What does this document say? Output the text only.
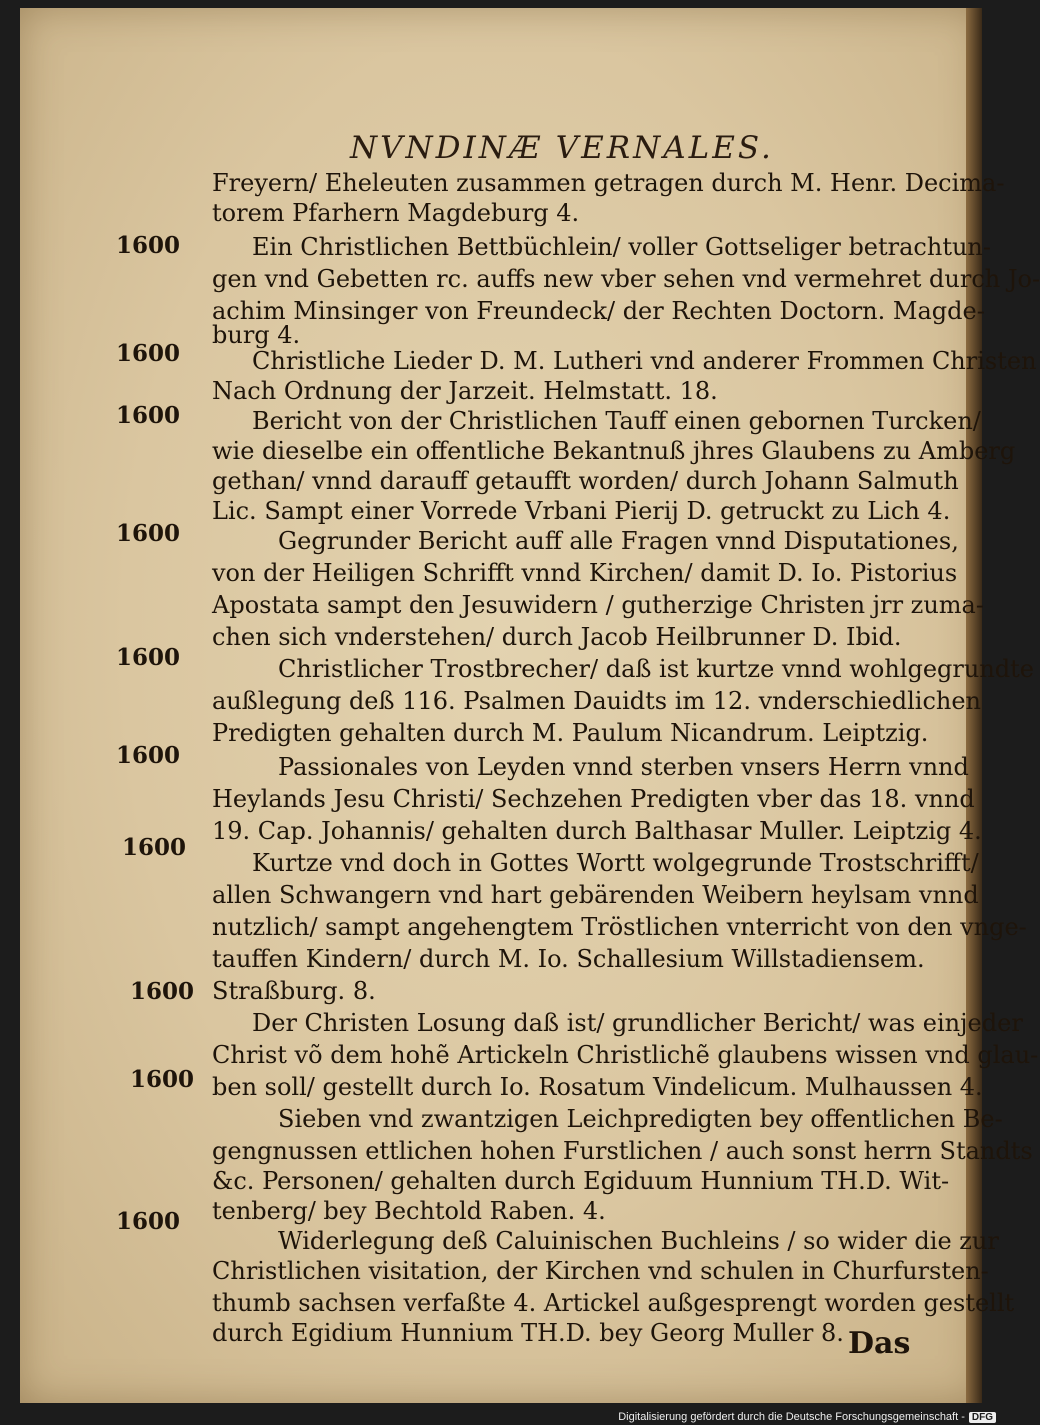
NVNDINÆ VERNALES.
Freyern/ Eheleuten zusammen getragen durch M. Henr. Decima-
torem Pfarhern Magdeburg 4.
Ein Christlichen Bettbüchlein/ voller Gottseliger betrachtun-
1600
gen vnd Gebetten rc. auffs new vber sehen vnd vermehret durch Jo-
achim Minsinger von Freundeck/ der Rechten Doctorn. Magde-
burg 4.
Christliche Lieder D. M. Lutheri vnd anderer Frommen Christen
1600
Nach Ordnung der Jarzeit. Helmstatt. 18.
Bericht von der Christlichen Tauff einen gebornen Turcken/
1600
wie dieselbe ein offentliche Bekantnuß jhres Glaubens zu Amberg
gethan/ vnnd darauff getaufft worden/ durch Johann Salmuth
Lic. Sampt einer Vorrede Vrbani Pierij D. getruckt zu Lich 4.
Gegrunder Bericht auff alle Fragen vnnd Disputationes,
1600
von der Heiligen Schrifft vnnd Kirchen/ damit D. Io. Pistorius
Apostata sampt den Jesuwidern / gutherzige Christen jrr zuma-
chen sich vnderstehen/ durch Jacob Heilbrunner D. Ibid.
Christlicher Trostbrecher/ daß ist kurtze vnnd wohlgegrundte
1600
außlegung deß 116. Psalmen Dauidts im 12. vnderschiedlichen
Predigten gehalten durch M. Paulum Nicandrum. Leiptzig.
Passionales von Leyden vnnd sterben vnsers Herrn vnnd
1600
Heylands Jesu Christi/ Sechzehen Predigten vber das 18. vnnd
19. Cap. Johannis/ gehalten durch Balthasar Muller. Leiptzig 4.
Kurtze vnd doch in Gottes Wortt wolgegrunde Trostschrifft/
1600
allen Schwangern vnd hart gebärenden Weibern heylsam vnnd
nutzlich/ sampt angehengtem Tröstlichen vnterricht von den vnge-
tauffen Kindern/ durch M. Io. Schallesium Willstadiensem.
Straßburg. 8.
Der Christen Losung daß ist/ grundlicher Bericht/ was einjeder
1600
Christ võ dem hohẽ Artickeln Christlichẽ glaubens wissen vnd glau-
ben soll/ gestellt durch Io. Rosatum Vindelicum. Mulhaussen 4.
Sieben vnd zwantzigen Leichpredigten bey offentlichen Be-
1600
gengnussen ettlichen hohen Furstlichen / auch sonst herrn Standts
&c. Personen/ gehalten durch Egiduum Hunnium TH.D. Wit-
tenberg/ bey Bechtold Raben. 4.
Widerlegung deß Caluinischen Buchleins / so wider die zur
1600
Christlichen visitation, der Kirchen vnd schulen in Churfursten-
thumb sachsen verfaßte 4. Artickel außgesprengt worden gestellt
durch Egidium Hunnium TH.D. bey Georg Muller 8. Das
Digitalisierung gefördert durch die Deutsche Forschungsgemeinschaft - DFG
